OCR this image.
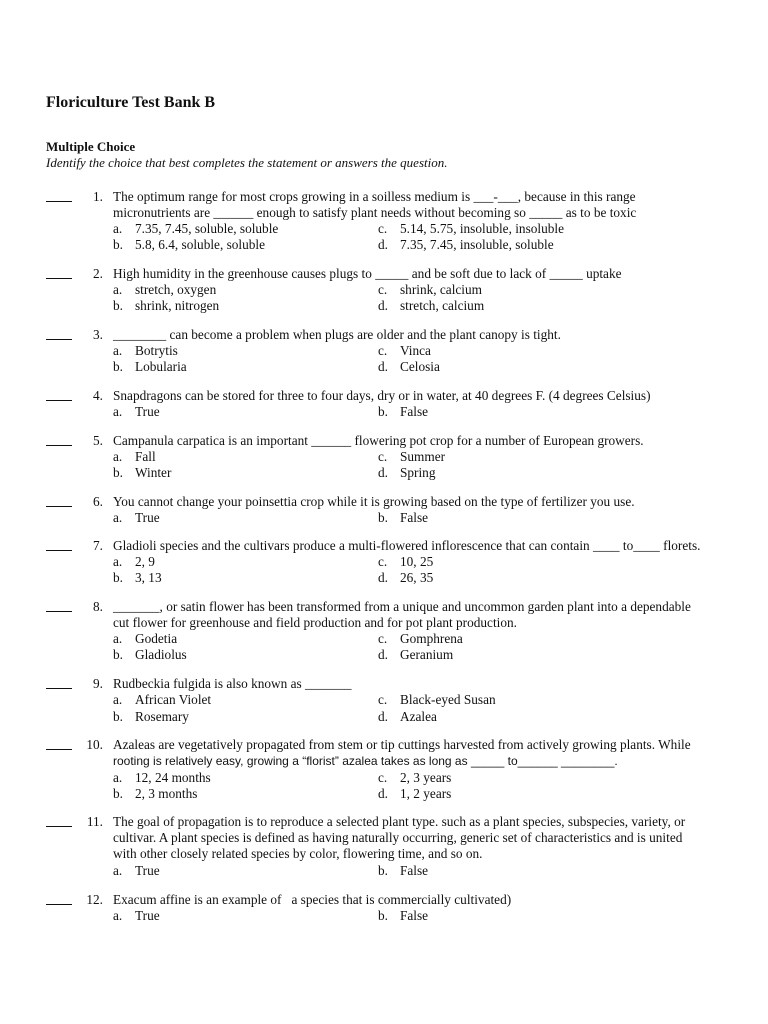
Floriculture Test Bank B
Multiple Choice
Identify the choice that best completes the statement or answers the question.
1. The optimum range for most crops growing in a soilless medium is ___-___, because in this range
micronutrients are ______ enough to satisfy plant needs without becoming so _____ as to be toxic
a. 7.35, 7.45, soluble, soluble
b. 5.8, 6.4, soluble, soluble
c. 5.14, 5.75, insoluble, insoluble
d. 7.35, 7.45, insoluble, soluble
2. High humidity in the greenhouse causes plugs to _____ and be soft due to lack of _____ uptake
a. stretch, oxygen
b. shrink, nitrogen
c. shrink, calcium
d. stretch, calcium
3. ________ can become a problem when plugs are older and the plant canopy is tight.
a. Botrytis
b. Lobularia
c. Vinca
d. Celosia
4. Snapdragons can be stored for three to four days, dry or in water, at 40 degrees F. (4 degrees Celsius)
a. True	b. False
5. Campanula carpatica is an important ______ flowering pot crop for a number of European growers.
a. Fall
b. Winter
c. Summer
d. Spring
6. You cannot change your poinsettia crop while it is growing based on the type of fertilizer you use.
a. True	b. False
7. Gladioli species and the cultivars produce a multi-flowered inflorescence that can contain ____ to____ florets.
a. 2, 9
b. 3, 13
c. 10, 25
d. 26, 35
8. _______, or satin flower has been transformed from a unique and uncommon garden plant into a dependable
cut flower for greenhouse and field production and for pot plant production.
a. Godetia
b. Gladiolus
c. Gomphrena
d. Geranium
9. Rudbeckia fulgida is also known as _______
a. African Violet
b. Rosemary
c. Black-eyed Susan
d. Azalea
10. Azaleas are vegetatively propagated from stem or tip cuttings harvested from actively growing plants. While
rooting is relatively easy, growing a “florist” azalea takes as long as _____ to______ ________.
a. 12, 24 months
b. 2, 3 months
c. 2, 3 years
d. 1, 2 years
11. The goal of propagation is to reproduce a selected plant type. such as a plant species, subspecies, variety, or
cultivar. A plant species is defined as having naturally occurring, generic set of characteristics and is united
with other closely related species by color, flowering time, and so on.
a. True	b. False
12. Exacum affine is an example of   a species that is commercially cultivated)
a. True	b. False
